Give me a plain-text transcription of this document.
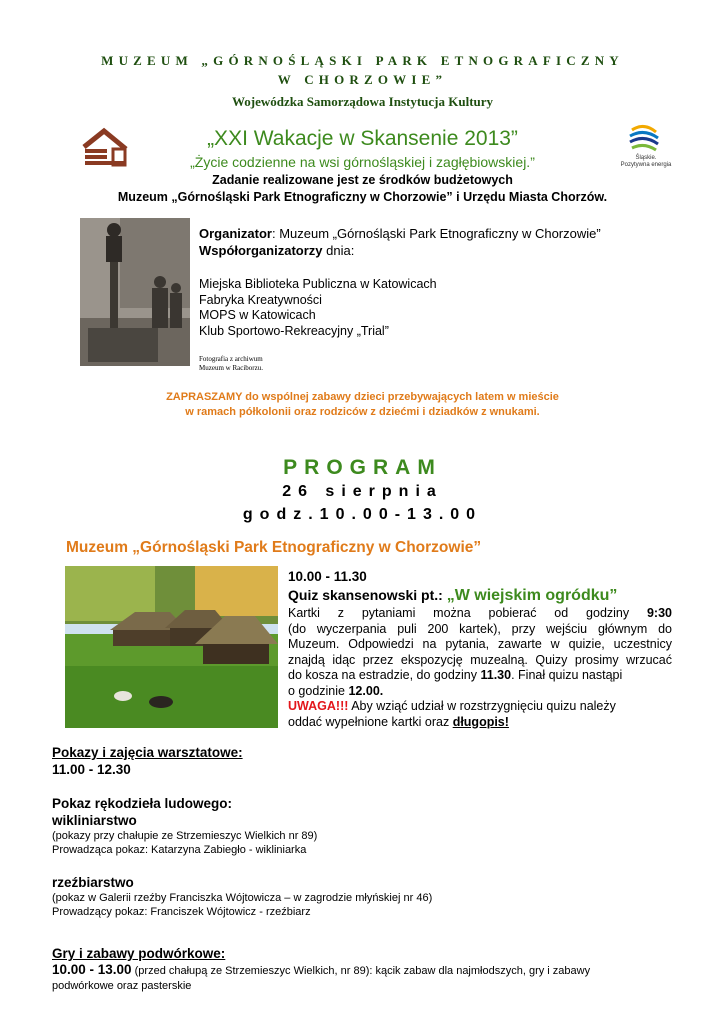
MUZEUM „GÓRNOŚLĄSKI PARK ETNOGRAFICZNY
W CHORZOWIE”
Wojewódzka Samorządowa Instytucja Kultury
Śląskie.
Pozytywna energia
„XXI Wakacje w Skansenie 2013”
„Życie codzienne na wsi górnośląskiej i zagłębiowskiej.”
Zadanie realizowane jest ze środków budżetowych
Muzeum „Górnośląski Park Etnograficzny w Chorzowie” i Urzędu Miasta Chorzów.
Fotografia z archiwum
Muzeum w Raciborzu.
Organizator: Muzeum „Górnośląski Park Etnograficzny w Chorzowie”
Współorganizatorzy dnia:
Miejska Biblioteka Publiczna w Katowicach
Fabryka Kreatywności
MOPS w Katowicach
Klub Sportowo-Rekreacyjny „Trial”
ZAPRASZAMY do wspólnej zabawy dzieci przebywających latem w mieście
w ramach półkolonii oraz rodziców z dziećmi i dziadków z wnukami.
PROGRAM
26 sierpnia
godz.10.00-13.00
Muzeum „Górnośląski Park Etnograficzny w Chorzowie”
10.00 - 11.30
Quiz skansenowski pt.: „W wiejskim ogródku”
Kartki z pytaniami można pobierać od godziny 9:30
(do wyczerpania puli 200 kartek), przy wejściu głównym do
Muzeum. Odpowiedzi na pytania, zawarte w quizie, uczestnicy
znajdą idąc przez ekspozycję muzealną. Quizy prosimy wrzucać
do kosza na estradzie, do godziny 11.30. Finał quizu nastąpi
o godzinie 12.00.
UWAGA!!! Aby wziąć udział w rozstrzygnięciu quizu należy
oddać wypełnione kartki oraz długopis!
Pokazy i zajęcia warsztatowe:
11.00 - 12.30
Pokaz rękodzieła ludowego:
wikliniarstwo
(pokazy przy chałupie ze Strzemieszyc Wielkich nr 89)
Prowadząca pokaz: Katarzyna Zabiegło - wikliniarka
rzeźbiarstwo
(pokaz w Galerii rzeźby Franciszka Wójtowicza – w zagrodzie młyńskiej nr 46)
Prowadzący pokaz: Franciszek Wójtowicz - rzeźbiarz
Gry i zabawy podwórkowe:
10.00 - 13.00 (przed chałupą ze Strzemieszyc Wielkich, nr 89): kącik zabaw dla najmłodszych, gry i zabawy
podwórkowe oraz pasterskie
